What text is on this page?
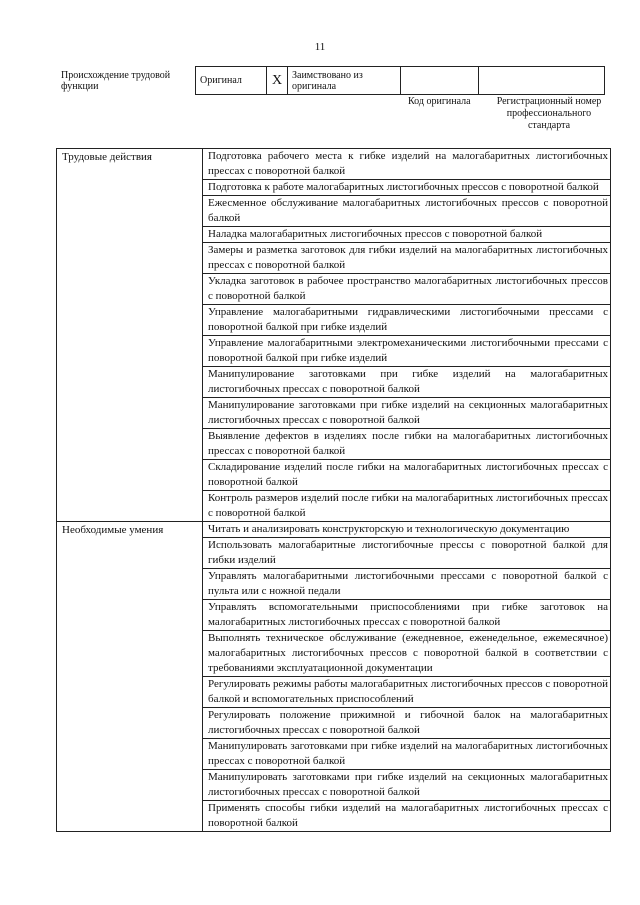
11
Происхождение трудовой функции
Оригинал	X	Заимствовано из оригинала		
Код оригинала	Регистрационный номер профессионального стандарта
Трудовые действия	Подготовка рабочего места к гибке изделий на малогабаритных листогибочных прессах с поворотной балкой
	Подготовка к работе малогабаритных листогибочных прессов с поворотной балкой
	Ежесменное обслуживание малогабаритных листогибочных прессов с поворотной балкой
	Наладка малогабаритных листогибочных прессов с поворотной балкой
	Замеры и разметка заготовок для гибки изделий на малогабаритных листогибочных прессах с поворотной балкой
	Укладка заготовок в рабочее пространство малогабаритных листогибочных прессов с поворотной балкой
	Управление малогабаритными гидравлическими листогибочными прессами с поворотной балкой при гибке изделий
	Управление малогабаритными электромеханическими листогибочными прессами с поворотной балкой при гибке изделий
	Манипулирование заготовками при гибке изделий на малогабаритных листогибочных прессах с поворотной балкой
	Манипулирование заготовками при гибке изделий на секционных малогабаритных листогибочных прессах с поворотной балкой
	Выявление дефектов в изделиях после гибки на малогабаритных листогибочных прессах с поворотной балкой
	Складирование изделий после гибки на малогабаритных листогибочных прессах с поворотной балкой
	Контроль размеров изделий после гибки на малогабаритных листогибочных прессах с поворотной балкой
Необходимые умения	Читать и анализировать конструкторскую и технологическую документацию
	Использовать малогабаритные листогибочные прессы с поворотной балкой для гибки изделий
	Управлять малогабаритными листогибочными прессами с поворотной балкой с пульта или с ножной педали
	Управлять вспомогательными приспособлениями при гибке заготовок на малогабаритных листогибочных прессах с поворотной балкой
	Выполнять техническое обслуживание (ежедневное, еженедельное, ежемесячное) малогабаритных листогибочных прессов с поворотной балкой в соответствии с требованиями эксплуатационной документации
	Регулировать режимы работы малогабаритных листогибочных прессов с поворотной балкой и вспомогательных приспособлений
	Регулировать положение прижимной и гибочной балок на малогабаритных листогибочных прессах с поворотной балкой
	Манипулировать заготовками при гибке изделий на малогабаритных листогибочных прессах с поворотной балкой
	Манипулировать заготовками при гибке изделий на секционных малогабаритных листогибочных прессах с поворотной балкой
	Применять способы гибки изделий на малогабаритных листогибочных прессах с поворотной балкой
